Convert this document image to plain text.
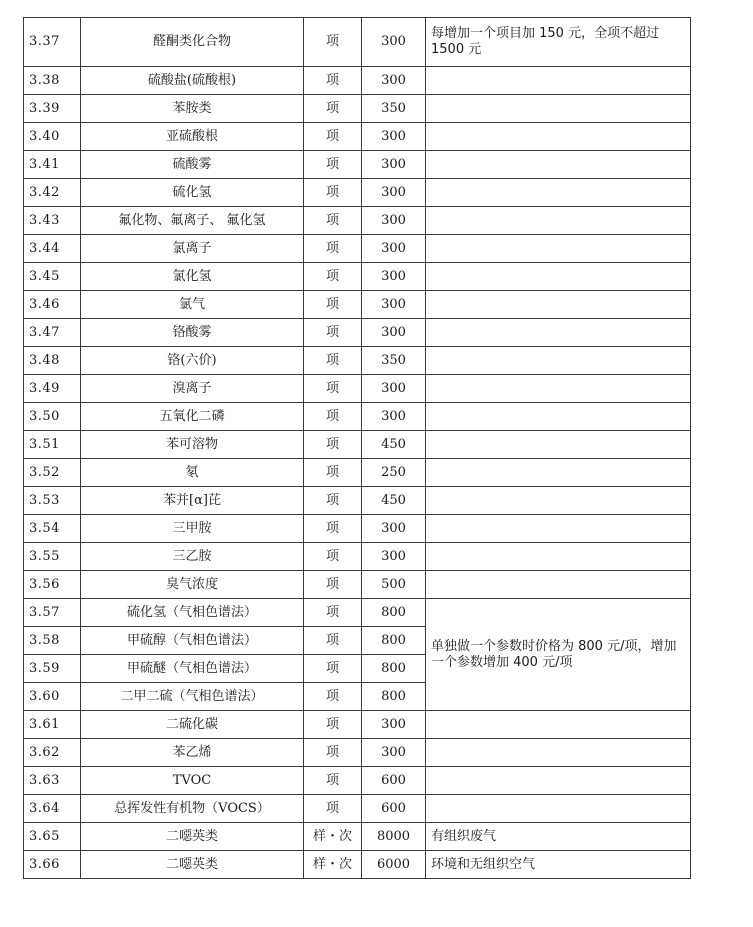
3.37	醛酮类化合物	项	300	每增加一个项目加 150 元，全项不超过 1500 元
3.38	硫酸盐(硫酸根)	项	300	
3.39	苯胺类	项	350	
3.40	亚硫酸根	项	300	
3.41	硫酸雾	项	300	
3.42	硫化氢	项	300	
3.43	氟化物、氟离子、 氟化氢	项	300	
3.44	氯离子	项	300	
3.45	氯化氢	项	300	
3.46	氯气	项	300	
3.47	铬酸雾	项	300	
3.48	铬(六价)	项	350	
3.49	溴离子	项	300	
3.50	五氧化二磷	项	300	
3.51	苯可溶物	项	450	
3.52	氡	项	250	
3.53	苯并[α]芘	项	450	
3.54	三甲胺	项	300	
3.55	三乙胺	项	300	
3.56	臭气浓度	项	500	
3.57	硫化氢（气相色谱法）	项	800	单独做一个参数时价格为 800 元/项，增加一个参数增加 400 元/项
3.58	甲硫醇（气相色谱法）	项	800	
3.59	甲硫醚（气相色谱法）	项	800	
3.60	二甲二硫（气相色谱法）	项	800	
3.61	二硫化碳	项	300	
3.62	苯乙烯	项	300	
3.63	TVOC	项	600	
3.64	总挥发性有机物（VOCS）	项	600	
3.65	二噁英类	样・次	8000	有组织废气
3.66	二噁英类	样・次	6000	环境和无组织空气
